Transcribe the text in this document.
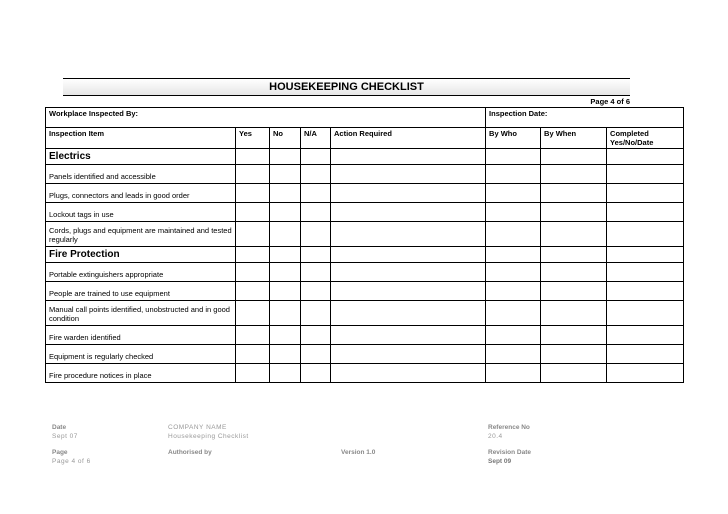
HOUSEKEEPING CHECKLIST
Page 4 of 6
Workplace Inspected By:					Inspection Date:		
Inspection Item	Yes	No	N/A	Action Required	By Who	By When	Completed Yes/No/Date
Electrics							
Panels identified and accessible							
Plugs, connectors and leads in good order							
Lockout tags in use							
Cords, plugs and equipment are maintained and tested regularly							
Fire Protection							
Portable extinguishers appropriate							
People are trained to use equipment							
Manual call points identified, unobstructed and in good condition							
Fire warden identified							
Equipment is regularly checked							
Fire procedure notices in place							
Date
Sept 07
COMPANY NAME
Housekeeping Checklist
Reference No
20.4
Page
Page 4 of 6
Authorised by	Version 1.0	Revision Date
Sept 09
